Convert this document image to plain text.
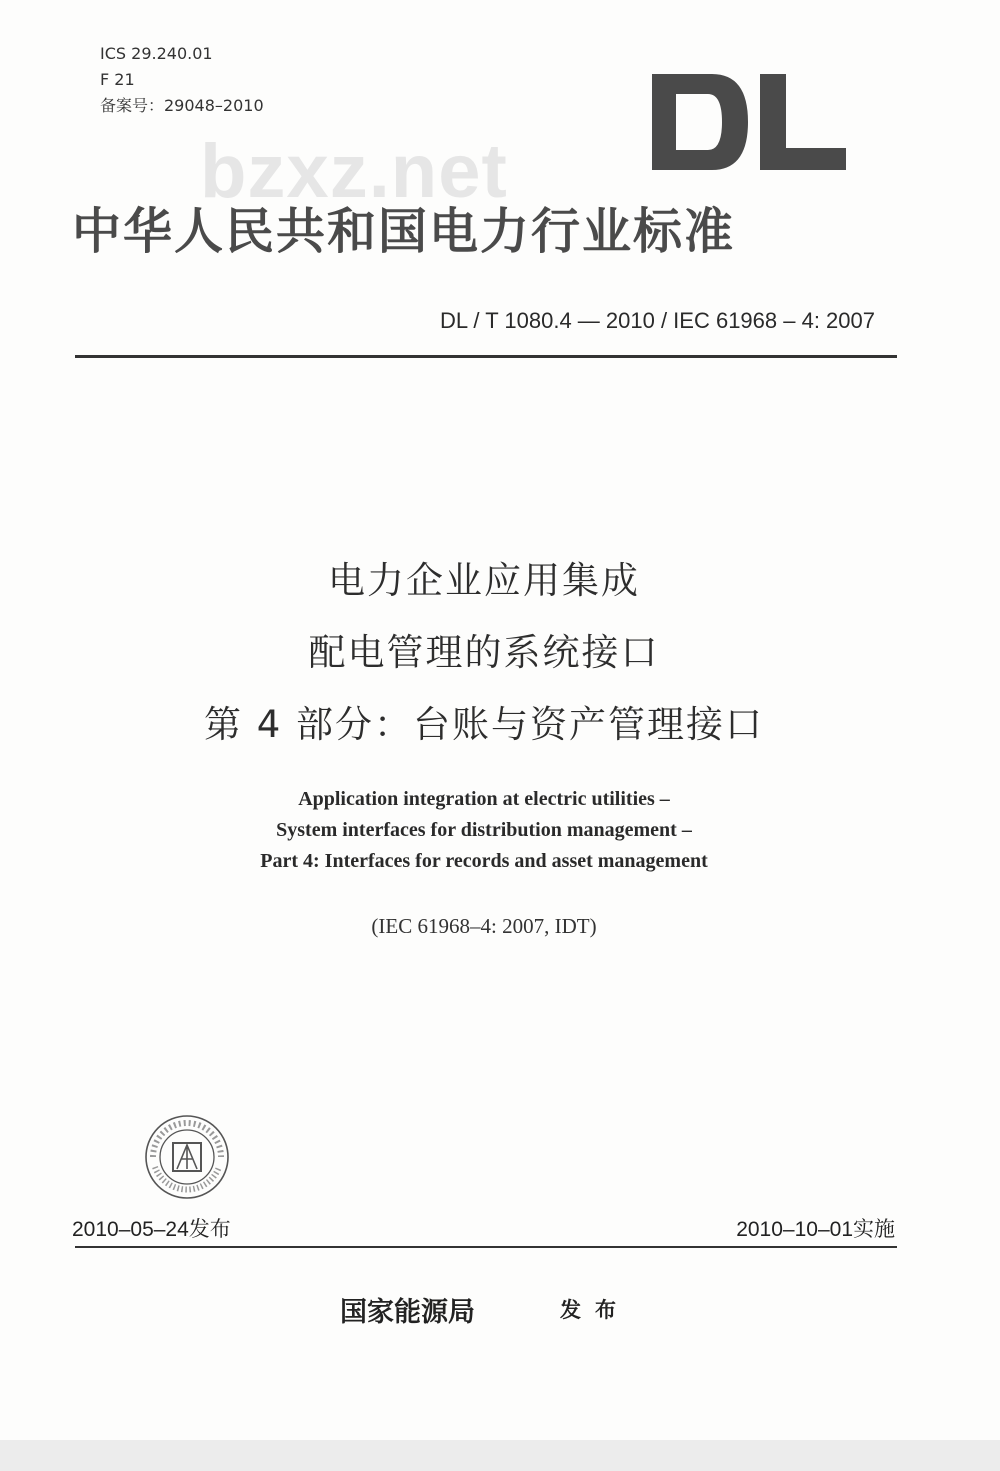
ICS 29.240.01
F 21
备案号：29048–2010
bzxz.net
中华人民共和国电力行业标准
DL / T 1080.4 — 2010 / IEC 61968 – 4: 2007
电力企业应用集成
配电管理的系统接口
第 4 部分：台账与资产管理接口
Application integration at electric utilities –
System interfaces for distribution management –
Part 4: Interfaces for records and asset management
(IEC 61968–4: 2007, IDT)
2010–05–24发布	2010–10–01实施
国家能源局	发布
